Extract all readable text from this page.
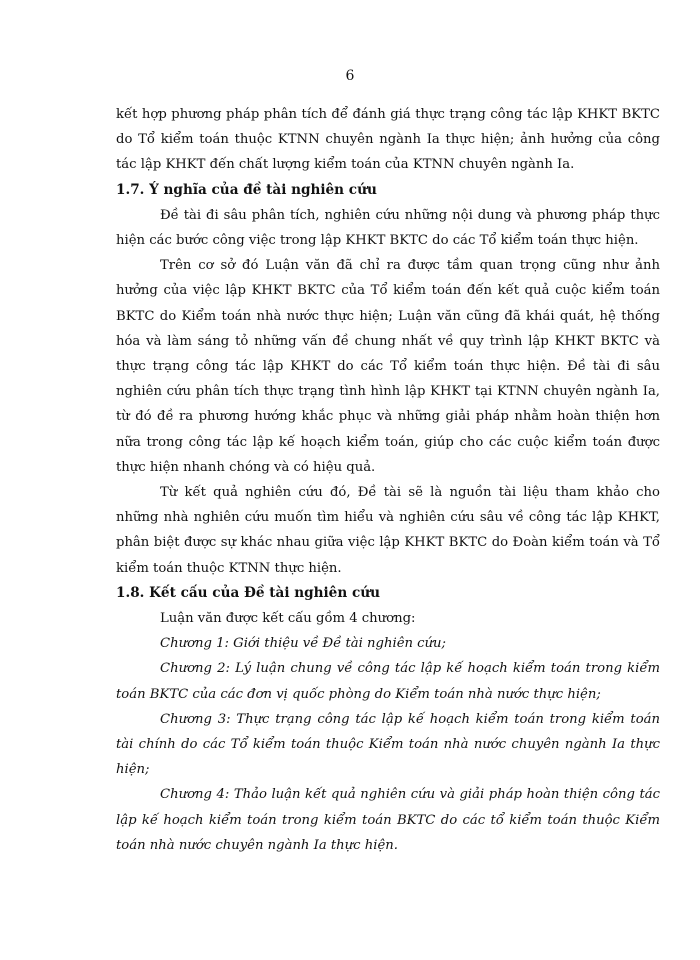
6

kết hợp phương pháp phân tích để đánh giá thực trạng công tác lập KHKT BKTC do Tổ kiểm toán thuộc KTNN chuyên ngành Ia thực hiện; ảnh hưởng của công tác lập KHKT đến chất lượng kiểm toán của KTNN chuyên ngành Ia.

1.7. Ý nghĩa của đề tài nghiên cứu

Đề tài đi sâu phân tích, nghiên cứu những nội dung và phương pháp thực hiện các bước công việc trong lập KHKT BKTC do các Tổ kiểm toán thực hiện.

Trên cơ sở đó Luận văn đã chỉ ra được tầm quan trọng cũng như ảnh hưởng của việc lập KHKT BKTC của Tổ kiểm toán đến kết quả cuộc kiểm toán BKTC do Kiểm toán nhà nước thực hiện; Luận văn cũng đã khái quát, hệ thống hóa và làm sáng tỏ những vấn đề chung nhất về quy trình lập KHKT BKTC và thực trạng công tác lập KHKT do các Tổ kiểm toán thực hiện. Đề tài đi sâu nghiên cứu phân tích thực trạng tình hình lập KHKT tại KTNN chuyên ngành Ia, từ đó đề ra phương hướng khắc phục và những giải pháp nhằm hoàn thiện hơn nữa trong công tác lập kế hoạch kiểm toán, giúp cho các cuộc kiểm toán được thực hiện nhanh chóng và có hiệu quả.

Từ kết quả nghiên cứu đó, Đề tài sẽ là nguồn tài liệu tham khảo cho những nhà nghiên cứu muốn tìm hiểu và nghiên cứu sâu về công tác lập KHKT, phân biệt được sự khác nhau giữa việc lập KHKT BKTC do Đoàn kiểm toán và Tổ kiểm toán thuộc KTNN thực hiện.

1.8. Kết cấu của Đề tài nghiên cứu

Luận văn được kết cấu gồm 4 chương:

Chương 1: Giới thiệu về Đề tài nghiên cứu;

Chương 2: Lý luận chung về công tác lập kế hoạch kiểm toán trong kiểm toán BKTC của các đơn vị quốc phòng do Kiểm toán nhà nước thực hiện;

Chương 3: Thực trạng công tác lập kế hoạch kiểm toán trong kiểm toán tài chính do các Tổ kiểm toán thuộc Kiểm toán nhà nước chuyên ngành Ia thực hiện;

Chương 4: Thảo luận kết quả nghiên cứu và giải pháp hoàn thiện công tác lập kế hoạch kiểm toán trong kiểm toán BKTC do các tổ kiểm toán thuộc Kiểm toán nhà nước chuyên ngành Ia thực hiện.
